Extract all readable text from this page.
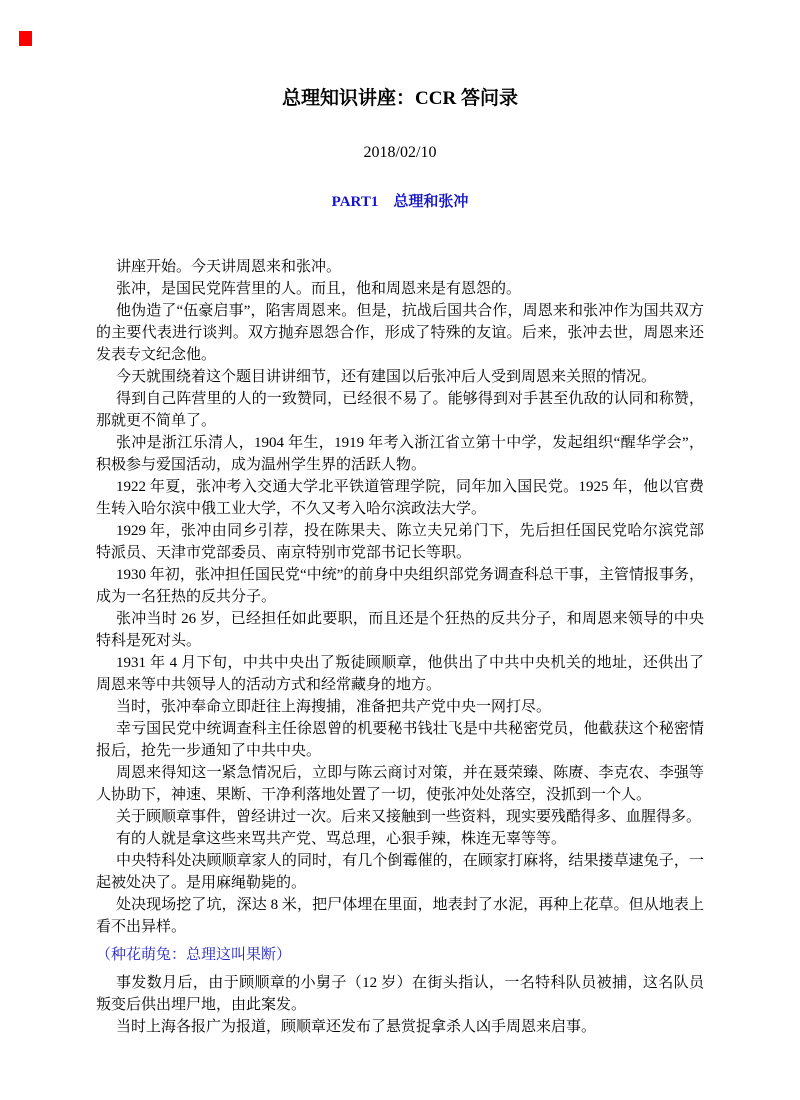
总理知识讲座：CCR 答问录

2018/02/10

PART1　总理和张冲

讲座开始。今天讲周恩来和张冲。

张冲，是国民党阵营里的人。而且，他和周恩来是有恩怨的。

他伪造了“伍豪启事”，陷害周恩来。但是，抗战后国共合作，周恩来和张冲作为国共双方的主要代表进行谈判。双方抛弃恩怨合作，形成了特殊的友谊。后来，张冲去世，周恩来还发表专文纪念他。

今天就围绕着这个题目讲讲细节，还有建国以后张冲后人受到周恩来关照的情况。

得到自己阵营里的人的一致赞同，已经很不易了。能够得到对手甚至仇敌的认同和称赞，那就更不简单了。

张冲是浙江乐清人，1904 年生，1919 年考入浙江省立第十中学，发起组织“醒华学会”，积极参与爱国活动，成为温州学生界的活跃人物。

1922 年夏，张冲考入交通大学北平铁道管理学院，同年加入国民党。1925 年，他以官费生转入哈尔滨中俄工业大学，不久又考入哈尔滨政法大学。

1929 年，张冲由同乡引荐，投在陈果夫、陈立夫兄弟门下，先后担任国民党哈尔滨党部特派员、天津市党部委员、南京特别市党部书记长等职。

1930 年初，张冲担任国民党“中统”的前身中央组织部党务调查科总干事，主管情报事务，成为一名狂热的反共分子。

张冲当时 26 岁，已经担任如此要职，而且还是个狂热的反共分子，和周恩来领导的中央特科是死对头。

1931 年 4 月下旬，中共中央出了叛徒顾顺章，他供出了中共中央机关的地址，还供出了周恩来等中共领导人的活动方式和经常藏身的地方。

当时，张冲奉命立即赶往上海搜捕，准备把共产党中央一网打尽。

幸亏国民党中统调查科主任徐恩曾的机要秘书钱壮飞是中共秘密党员，他截获这个秘密情报后，抢先一步通知了中共中央。

周恩来得知这一紧急情况后，立即与陈云商讨对策，并在聂荣臻、陈赓、李克农、李强等人协助下，神速、果断、干净利落地处置了一切，使张冲处处落空，没抓到一个人。

关于顾顺章事件，曾经讲过一次。后来又接触到一些资料，现实要残酷得多、血腥得多。

有的人就是拿这些来骂共产党、骂总理，心狠手辣，株连无辜等等。

中央特科处决顾顺章家人的同时，有几个倒霉催的，在顾家打麻将，结果搂草逮兔子，一起被处决了。是用麻绳勒毙的。

处决现场挖了坑，深达 8 米，把尸体埋在里面，地表封了水泥，再种上花草。但从地表上看不出异样。

（种花萌兔：总理这叫果断）

事发数月后，由于顾顺章的小舅子（12 岁）在街头指认，一名特科队员被捕，这名队员叛变后供出埋尸地，由此案发。

当时上海各报广为报道，顾顺章还发布了悬赏捉拿杀人凶手周恩来启事。
